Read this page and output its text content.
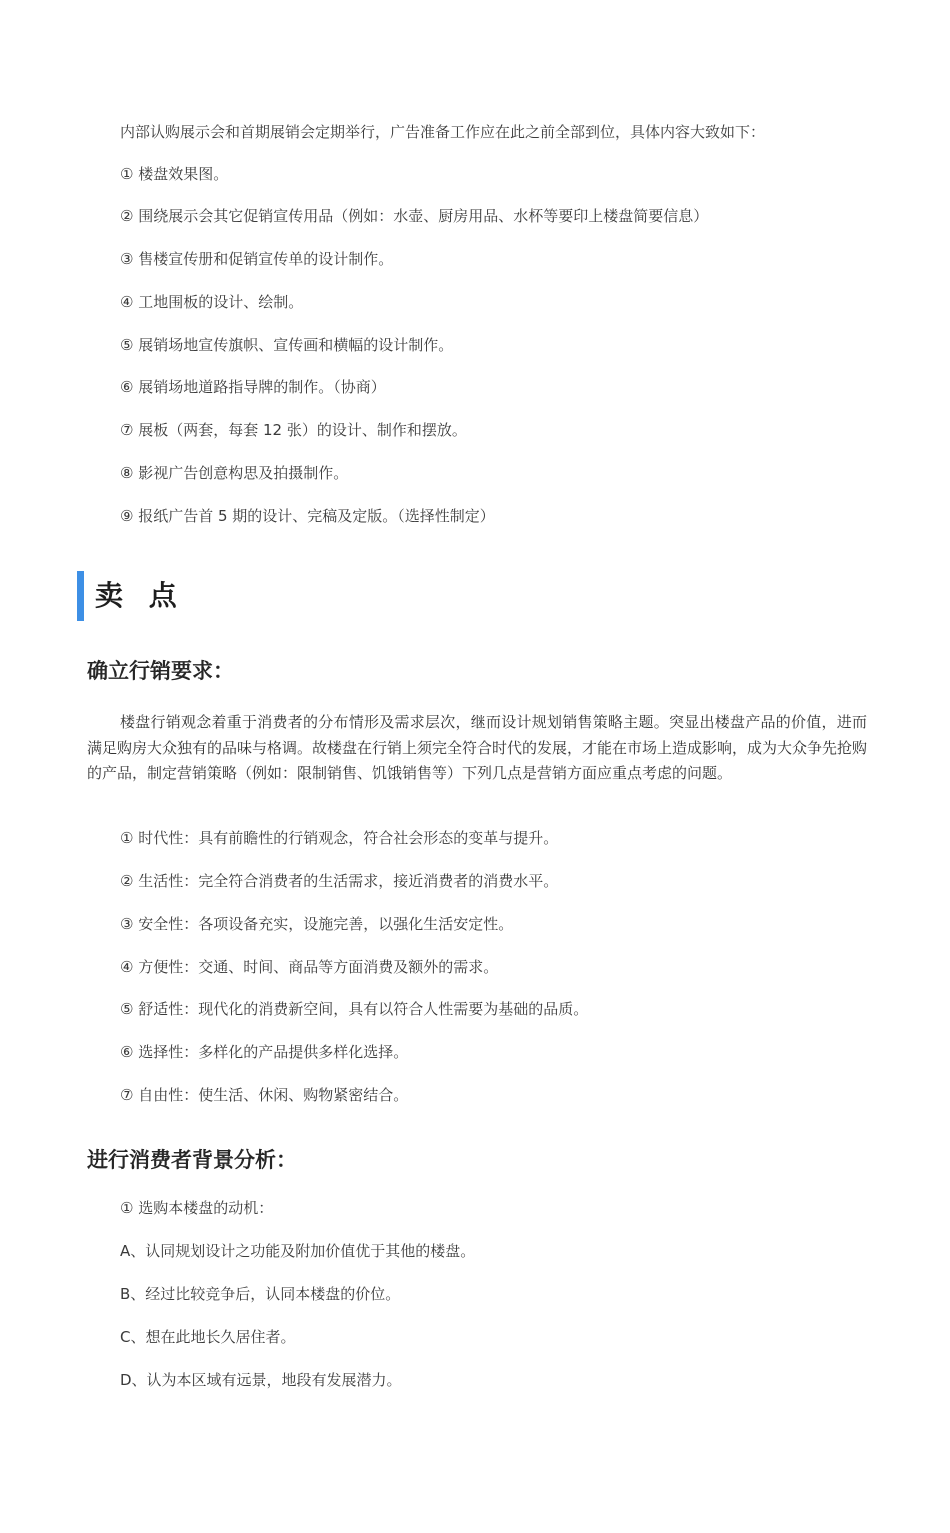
内部认购展示会和首期展销会定期举行，广告准备工作应在此之前全部到位，具体内容大致如下：
① 楼盘效果图。
② 围绕展示会其它促销宣传用品（例如：水壶、厨房用品、水杯等要印上楼盘简要信息）
③ 售楼宣传册和促销宣传单的设计制作。
④ 工地围板的设计、绘制。
⑤ 展销场地宣传旗帜、宣传画和横幅的设计制作。
⑥ 展销场地道路指导牌的制作。（协商）
⑦ 展板（两套，每套 12 张）的设计、制作和摆放。
⑧ 影视广告创意构思及拍摄制作。
⑨ 报纸广告首 5 期的设计、完稿及定版。（选择性制定）
卖 点
确立行销要求：
楼盘行销观念着重于消费者的分布情形及需求层次，继而设计规划销售策略主题。突显出楼盘产品的价值，进而满足购房大众独有的品味与格调。故楼盘在行销上须完全符合时代的发展，才能在市场上造成影响，成为大众争先抢购的产品，制定营销策略（例如：限制销售、饥饿销售等）下列几点是营销方面应重点考虑的问题。
① 时代性：具有前瞻性的行销观念，符合社会形态的变革与提升。
② 生活性：完全符合消费者的生活需求，接近消费者的消费水平。
③ 安全性：各项设备充实，设施完善，以强化生活安定性。
④ 方便性：交通、时间、商品等方面消费及额外的需求。
⑤ 舒适性：现代化的消费新空间，具有以符合人性需要为基础的品质。
⑥ 选择性：多样化的产品提供多样化选择。
⑦ 自由性：使生活、休闲、购物紧密结合。
进行消费者背景分析：
① 选购本楼盘的动机：
A、认同规划设计之功能及附加价值优于其他的楼盘。
B、经过比较竞争后，认同本楼盘的价位。
C、想在此地长久居住者。
D、认为本区域有远景，地段有发展潜力。
